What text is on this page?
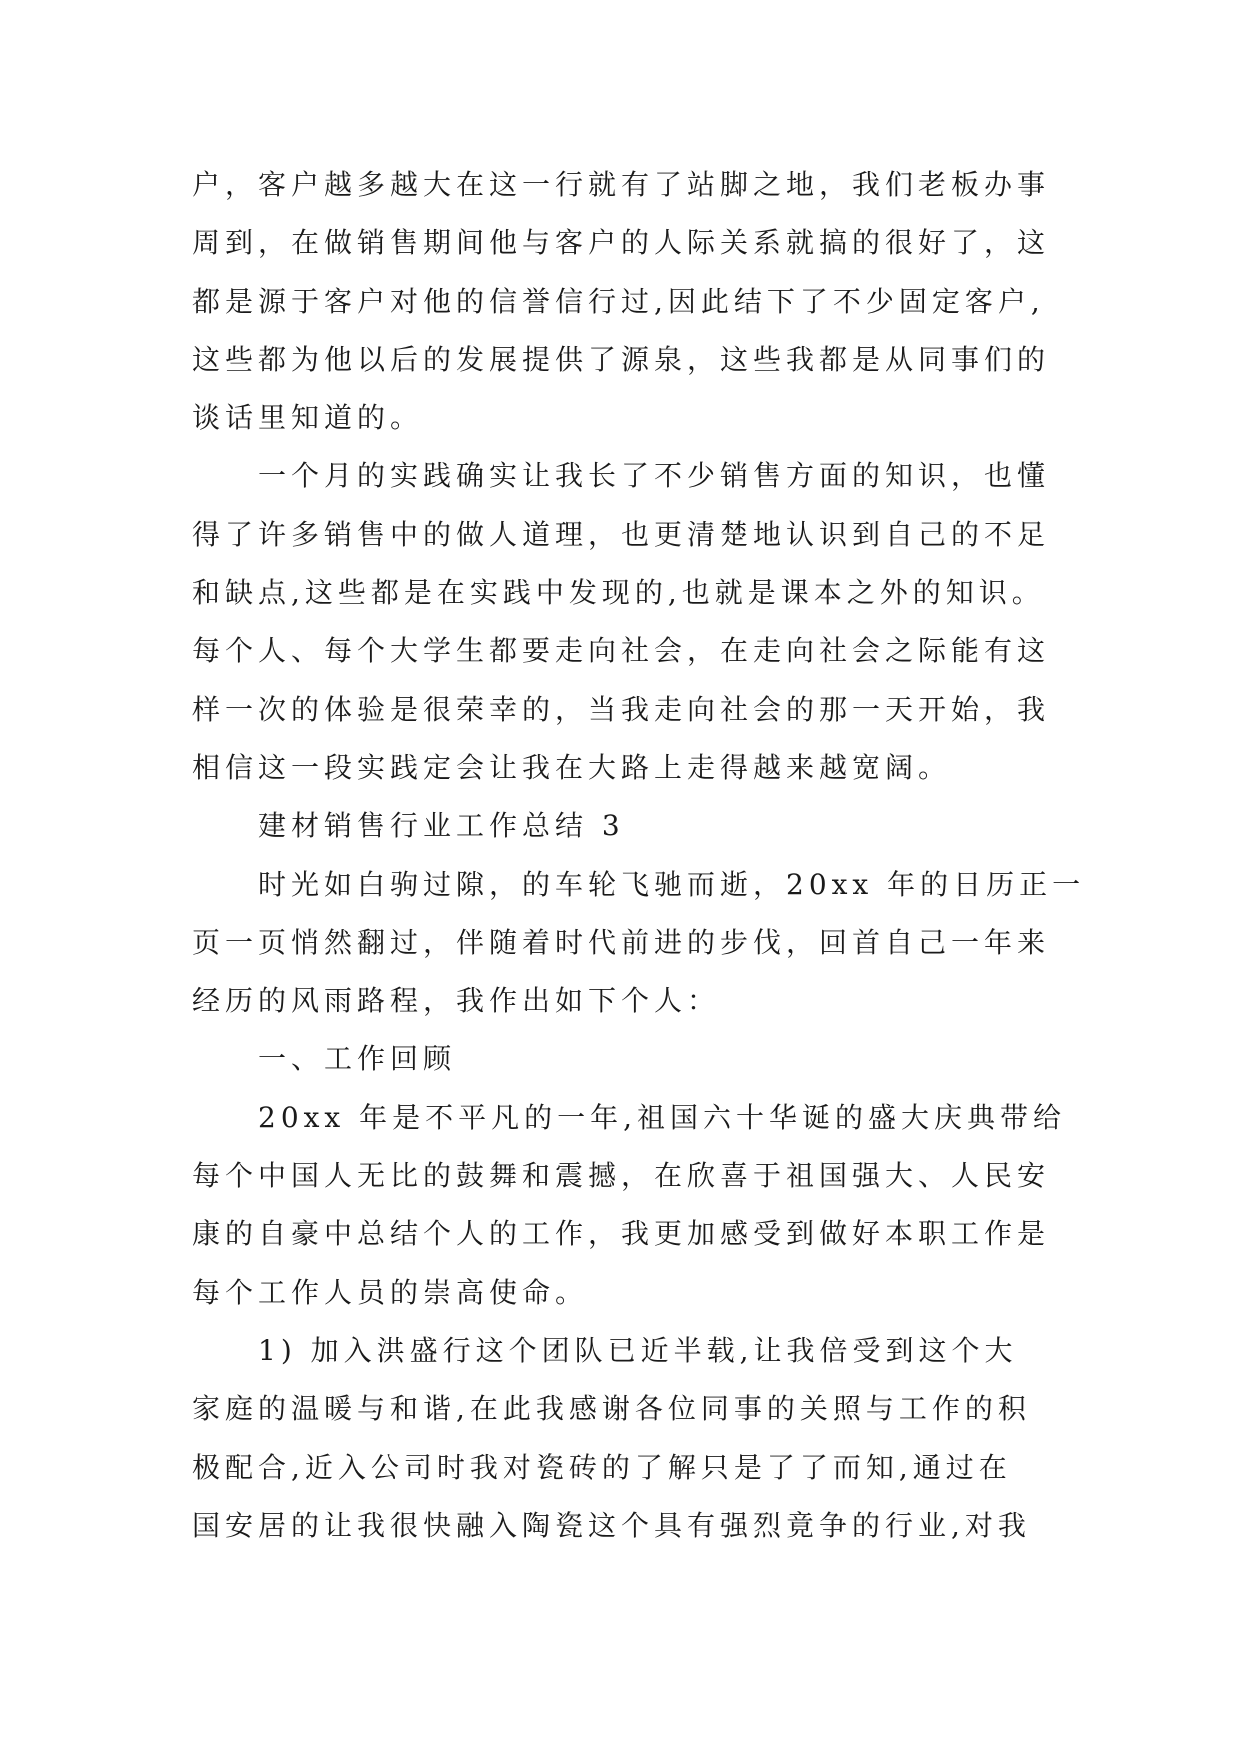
户，客户越多越大在这一行就有了站脚之地，我们老板办事
周到，在做销售期间他与客户的人际关系就搞的很好了，这
都是源于客户对他的信誉信行过,因此结下了不少固定客户,
这些都为他以后的发展提供了源泉，这些我都是从同事们的
谈话里知道的。
一个月的实践确实让我长了不少销售方面的知识，也懂
得了许多销售中的做人道理，也更清楚地认识到自己的不足
和缺点,这些都是在实践中发现的,也就是课本之外的知识。
每个人、每个大学生都要走向社会，在走向社会之际能有这
样一次的体验是很荣幸的，当我走向社会的那一天开始，我
相信这一段实践定会让我在大路上走得越来越宽阔。
建材销售行业工作总结 3
时光如白驹过隙，的车轮飞驰而逝，20xx 年的日历正一
页一页悄然翻过，伴随着时代前进的步伐，回首自己一年来
经历的风雨路程，我作出如下个人：
一、工作回顾
20xx 年是不平凡的一年,祖国六十华诞的盛大庆典带给
每个中国人无比的鼓舞和震撼，在欣喜于祖国强大、人民安
康的自豪中总结个人的工作，我更加感受到做好本职工作是
每个工作人员的崇高使命。
1) 加入洪盛行这个团队已近半载,让我倍受到这个大
家庭的温暖与和谐,在此我感谢各位同事的关照与工作的积
极配合,近入公司时我对瓷砖的了解只是了了而知,通过在
国安居的让我很快融入陶瓷这个具有强烈竟争的行业,对我
